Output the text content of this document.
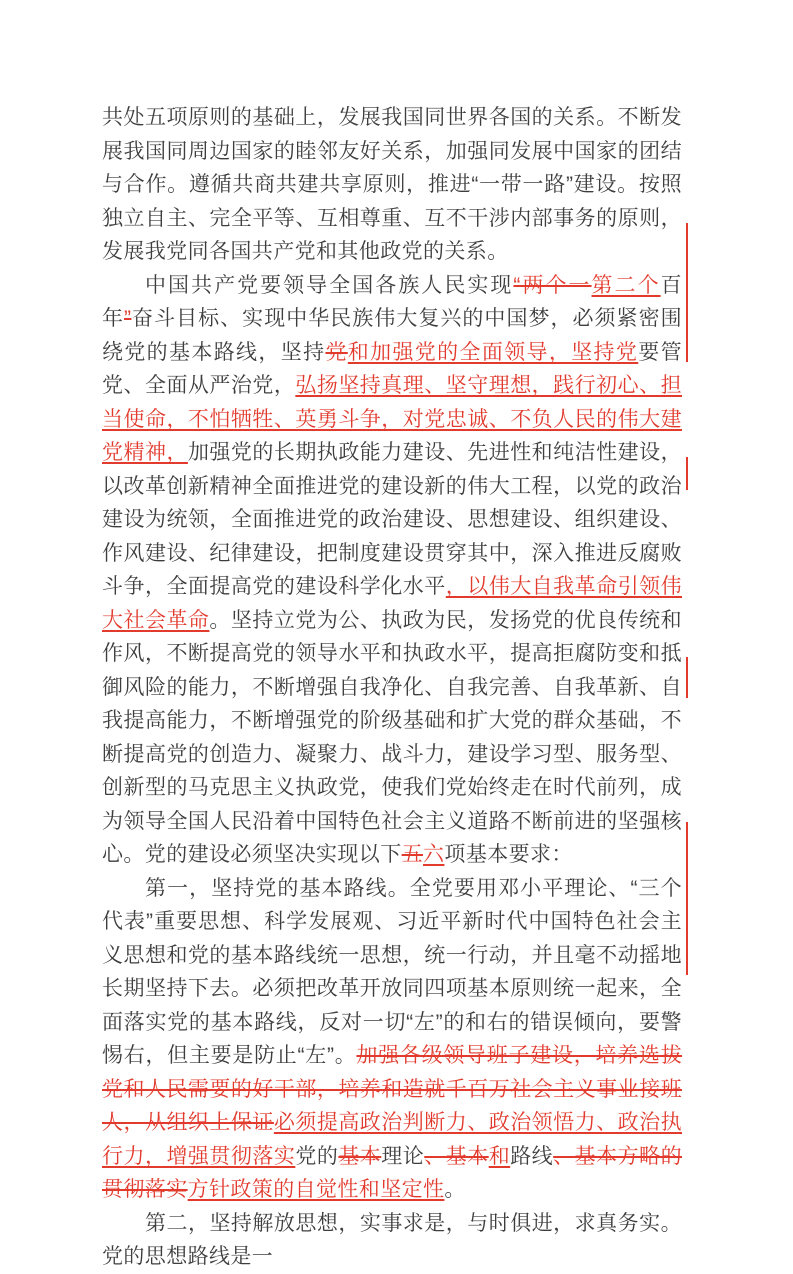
共处五项原则的基础上，发展我国同世界各国的关系。不断发展我国同周边国家的睦邻友好关系，加强同发展中国家的团结与合作。遵循共商共建共享原则，推进“一带一路”建设。按照独立自主、完全平等、互相尊重、互不干涉内部事务的原则，发展我党同各国共产党和其他政党的关系。

中国共产党要领导全国各族人民实现“两个一第二个百年”奋斗目标、实现中华民族伟大复兴的中国梦，必须紧密围绕党的基本路线，坚持党和加强党的全面领导，坚持党要管党、全面从严治党，弘扬坚持真理、坚守理想，践行初心、担当使命，不怕牺牲、英勇斗争，对党忠诚、不负人民的伟大建党精神，加强党的长期执政能力建设、先进性和纯洁性建设，以改革创新精神全面推进党的建设新的伟大工程，以党的政治建设为统领，全面推进党的政治建设、思想建设、组织建设、作风建设、纪律建设，把制度建设贯穿其中，深入推进反腐败斗争，全面提高党的建设科学化水平，以伟大自我革命引领伟大社会革命。坚持立党为公、执政为民，发扬党的优良传统和作风，不断提高党的领导水平和执政水平，提高拒腐防变和抵御风险的能力，不断增强自我净化、自我完善、自我革新、自我提高能力，不断增强党的阶级基础和扩大党的群众基础，不断提高党的创造力、凝聚力、战斗力，建设学习型、服务型、创新型的马克思主义执政党，使我们党始终走在时代前列，成为领导全国人民沿着中国特色社会主义道路不断前进的坚强核心。党的建设必须坚决实现以下五六项基本要求：

第一，坚持党的基本路线。全党要用邓小平理论、“三个代表”重要思想、科学发展观、习近平新时代中国特色社会主义思想和党的基本路线统一思想，统一行动，并且毫不动摇地长期坚持下去。必须把改革开放同四项基本原则统一起来，全面落实党的基本路线，反对一切“左”的和右的错误倾向，要警惕右，但主要是防止“左”。加强各级领导班子建设，培养选拔党和人民需要的好干部，培养和造就千百万社会主义事业接班人，从组织上保证必须提高政治判断力、政治领悟力、政治执行力，增强贯彻落实党的基本理论、基本和路线、基本方略的贯彻落实方针政策的自觉性和坚定性。

第二，坚持解放思想，实事求是，与时俱进，求真务实。党的思想路线是一
